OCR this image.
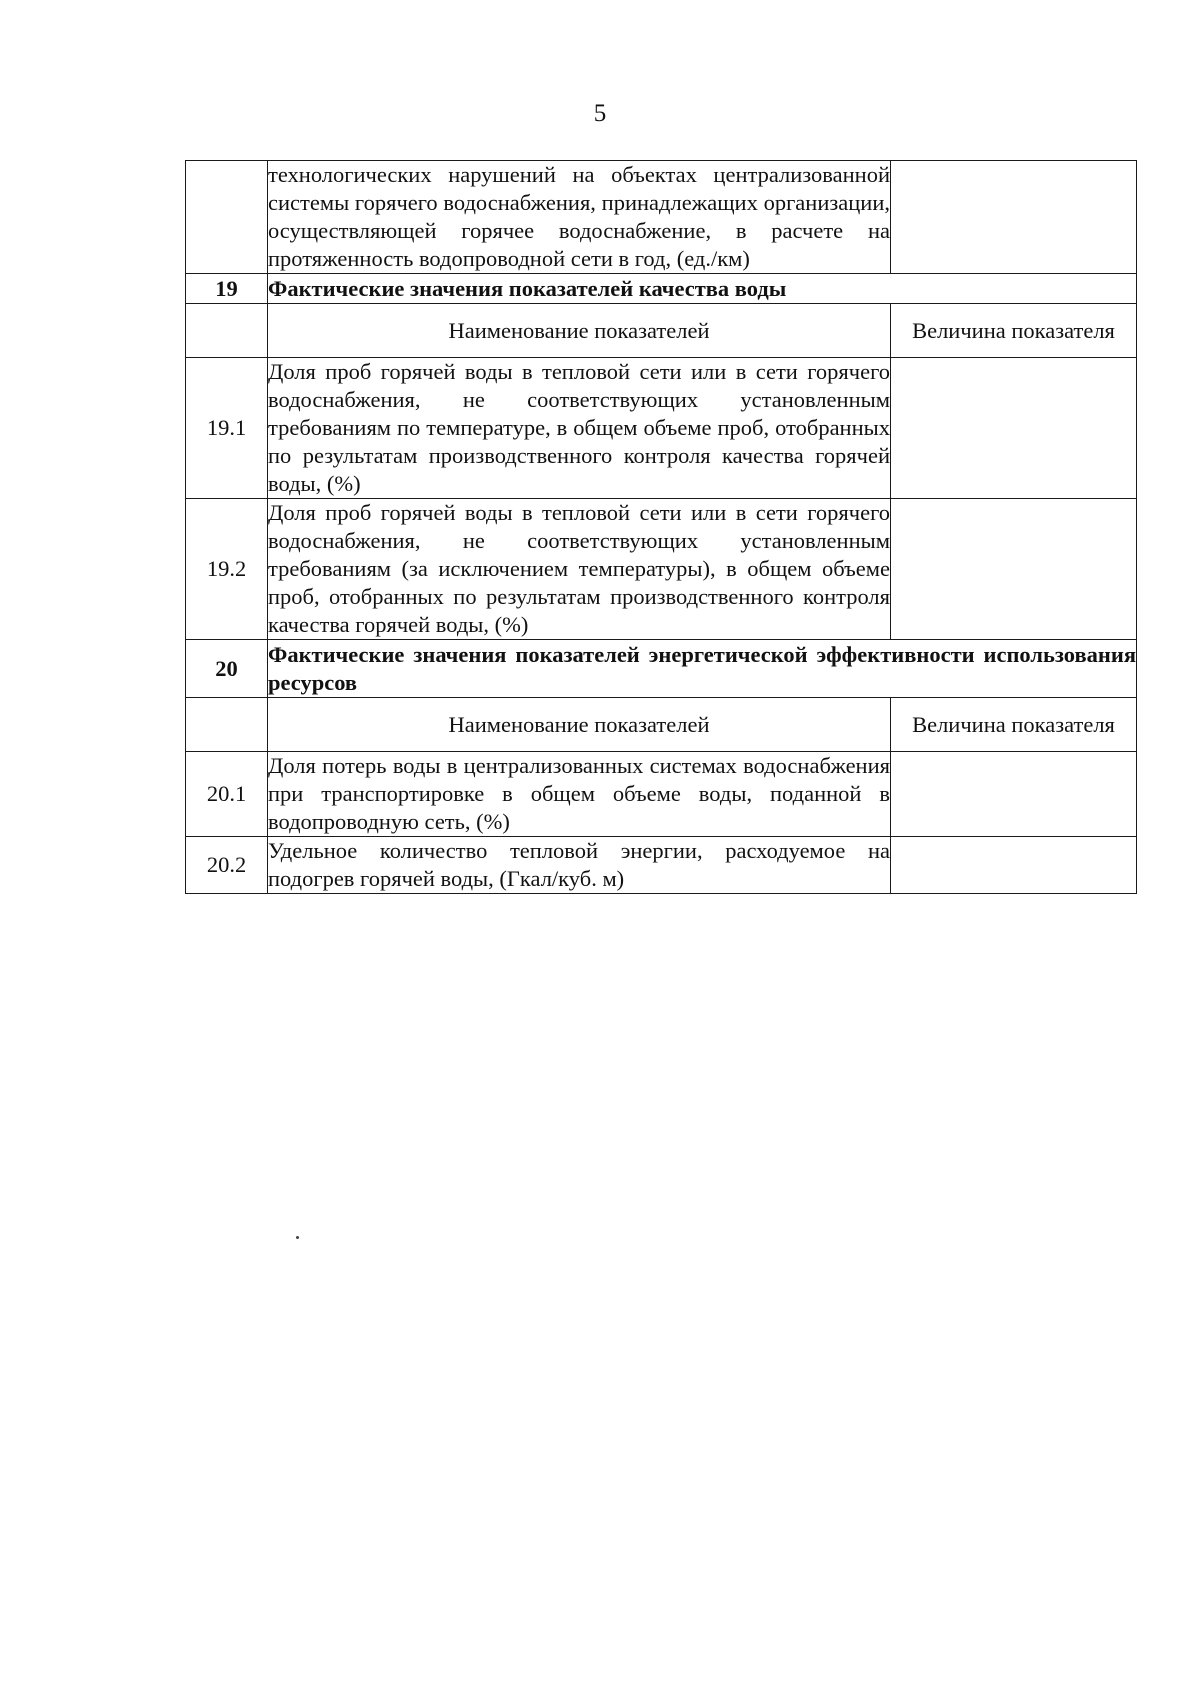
5
	технологических нарушений на объектах централизованной системы горячего водоснабжения, принадлежащих организации, осуществляющей горячее водоснабжение, в расчете на протяженность водопроводной сети в год, (ед./км)	
19	Фактические значения показателей качества воды	
	Наименование показателей	Величина показателя
19.1	Доля проб горячей воды в тепловой сети или в сети горячего водоснабжения, не соответствующих установленным требованиям по температуре, в общем объеме проб, отобранных по результатам производственного контроля качества горячей воды, (%)	
19.2	Доля проб горячей воды в тепловой сети или в сети горячего водоснабжения, не соответствующих установленным требованиям (за исключением температуры), в общем объеме проб, отобранных по результатам производственного контроля качества горячей воды, (%)	
20	Фактические значения показателей энергетической эффективности использования ресурсов	
	Наименование показателей	Величина показателя
20.1	Доля потерь воды в централизованных системах водоснабжения при транспортировке в общем объеме воды, поданной в водопроводную сеть, (%)	
20.2	Удельное количество тепловой энергии, расходуемое на подогрев горячей воды, (Гкал/куб. м)	
